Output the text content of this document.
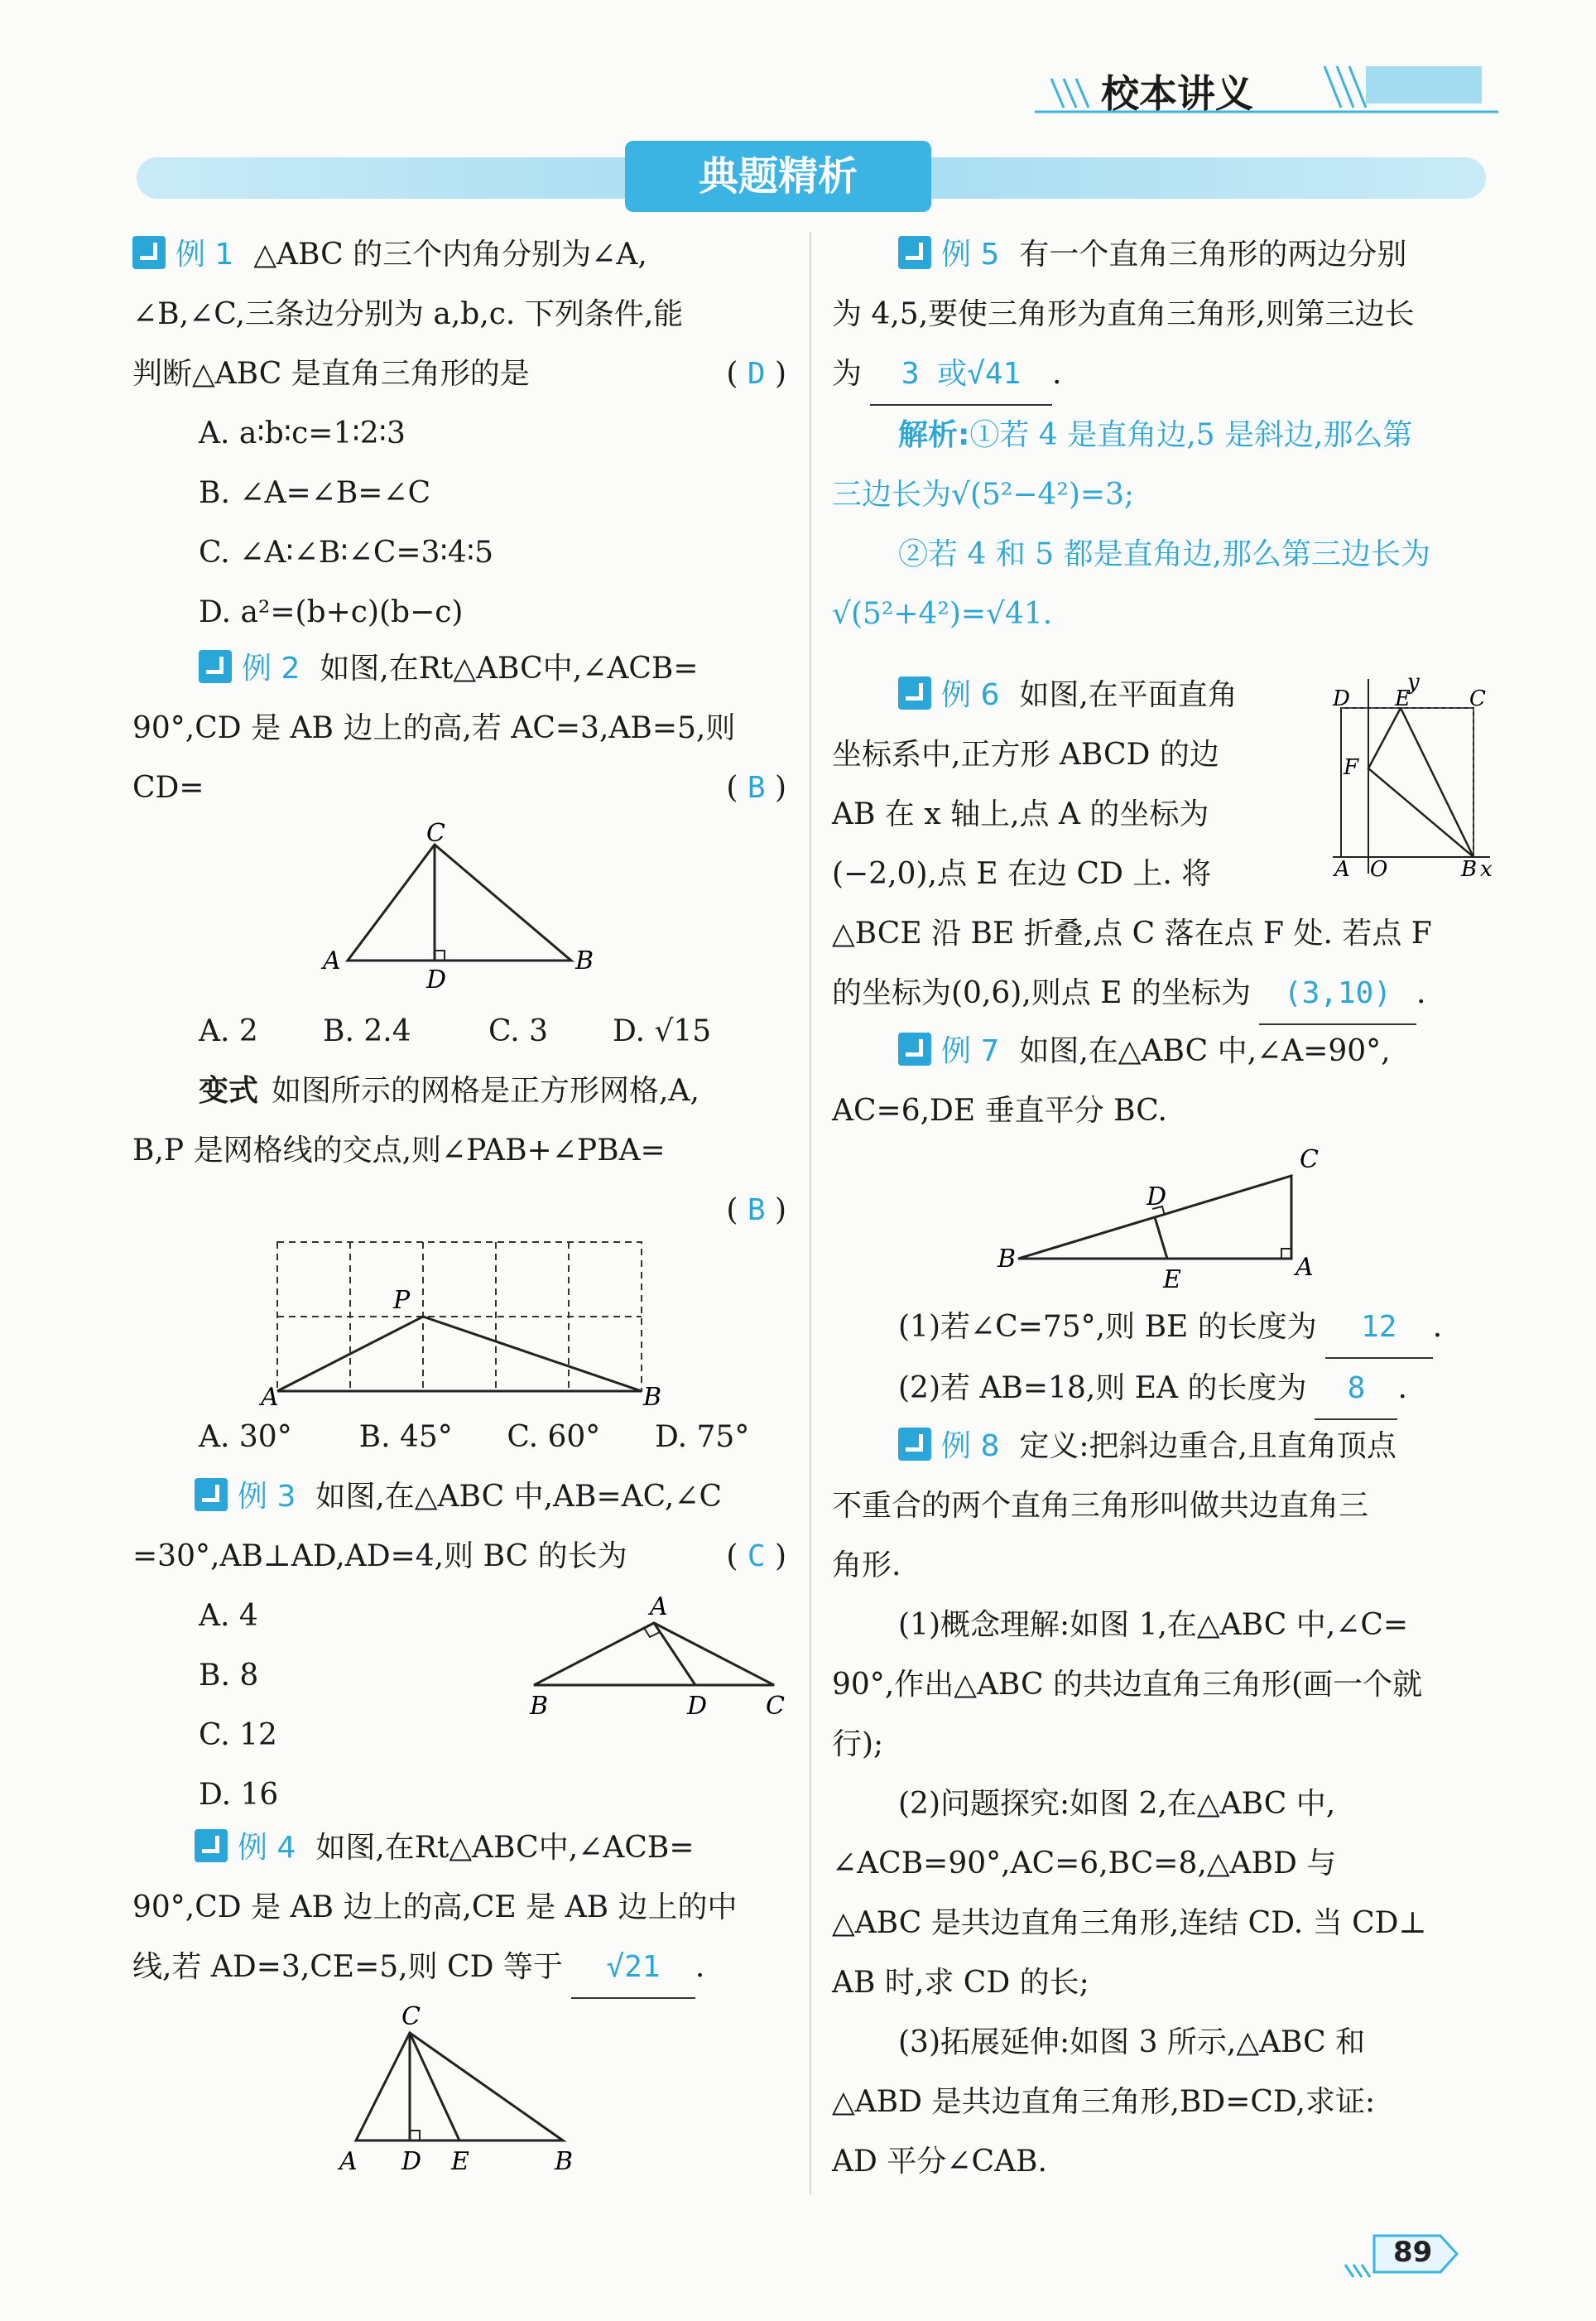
校本讲义
典题精析
例 1 △ABC 的三个内角分别为∠A,
∠B,∠C,三条边分别为 a,b,c. 下列条件,能
判断△ABC 是直角三角形的是	( D )
A. a∶b∶c=1∶2∶3
B. ∠A=∠B=∠C
C. ∠A∶∠B∶∠C=3∶4∶5
D. a²=(b+c)(b−c)
例 2 如图,在Rt△ABC中,∠ACB=
90°,CD 是 AB 边上的高,若 AC=3,AB=5,则
CD=	( B )
A	B
C
D
A. 2	B. 2.4	C. 3	D. √15
变式 如图所示的网格是正方形网格,A,
B,P 是网格线的交点,则∠PAB+∠PBA=
( B )
A	B
P
A. 30°	B. 45°	C. 60°	D. 75°
例 3 如图,在△ABC 中,AB=AC,∠C
=30°,AB⊥AD,AD=4,则 BC 的长为	( C )
A. 4
B. 8
C. 12
D. 16
B
A
D C
例 4 如图,在Rt△ABC中,∠ACB=
90°,CD 是 AB 边上的高,CE 是 AB 边上的中
线,若 AD=3,CE=5,则 CD 等于 √21 .
A
C
D E	B
例 5 有一个直角三角形的两边分别
为 4,5,要使三角形为直角三角形,则第三边长
为 3 或√41 .
解析:①若 4 是直角边,5 是斜边,那么第
三边长为√(5²−4²)=3;
②若 4 和 5 都是直角边,那么第三边长为
√(5²+4²)=√41.
例 6 如图,在平面直角
坐标系中,正方形 ABCD 的边
AB 在 x 轴上,点 A 的坐标为
(−2,0),点 E 在边 CD 上. 将
△BCE 沿 BE 折叠,点 C 落在点 F 处. 若点 F
的坐标为(0,6),则点 E 的坐标为 (3,10) .
y
D E	C
F
A O	B x
例 7 如图,在△ABC 中,∠A=90°,
AC=6,DE 垂直平分 BC.
C
D
B
E	A
(1)若∠C=75°,则 BE 的长度为 12 .
(2)若 AB=18,则 EA 的长度为 8 .
例 8 定义:把斜边重合,且直角顶点
不重合的两个直角三角形叫做共边直角三
角形.
(1)概念理解:如图 1,在△ABC 中,∠C=
90°,作出△ABC 的共边直角三角形(画一个就
行);
(2)问题探究:如图 2,在△ABC 中,
∠ACB=90°,AC=6,BC=8,△ABD 与
△ABC 是共边直角三角形,连结 CD. 当 CD⊥
AB 时,求 CD 的长;
(3)拓展延伸:如图 3 所示,△ABC 和
△ABD 是共边直角三角形,BD=CD,求证:
AD 平分∠CAB.
89
